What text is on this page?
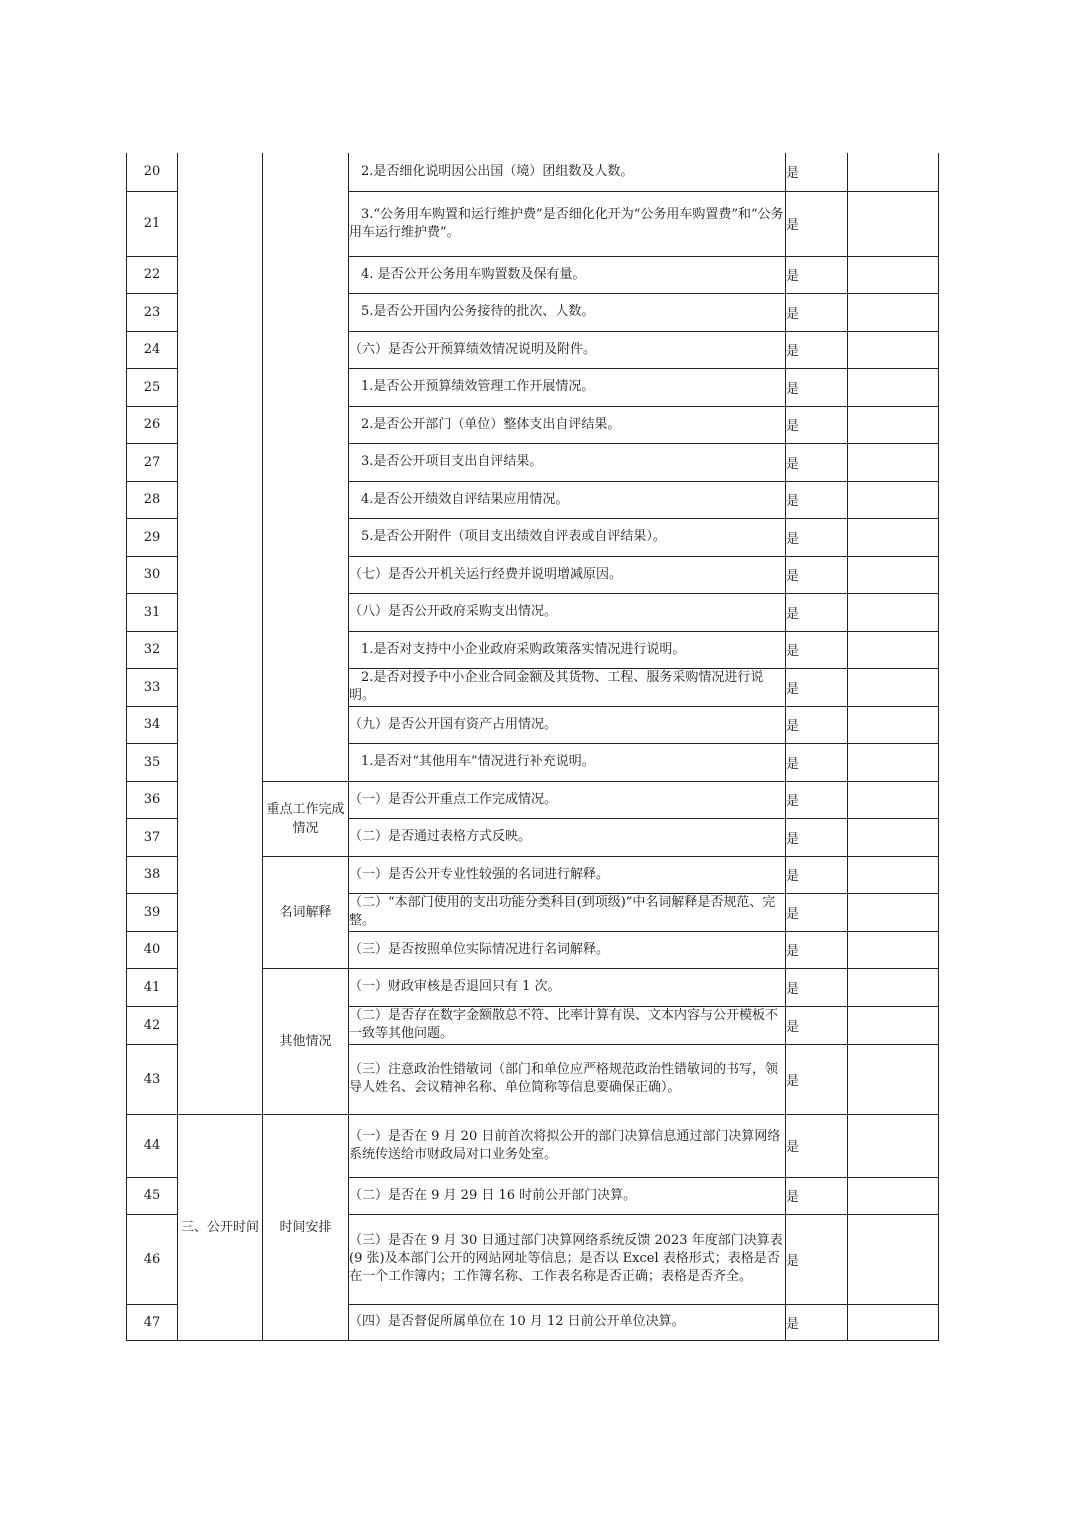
20			2.是否细化说明因公出国（境）团组数及人数。	是	
21			3.“公务用车购置和运行维护费”是否细化化开为“公务用车购置费”和“公务用车运行维护费”。	是	
22			4. 是否公开公务用车购置数及保有量。	是	
23			5.是否公开国内公务接待的批次、人数。	是	
24			（六）是否公开预算绩效情况说明及附件。	是	
25			1.是否公开预算绩效管理工作开展情况。	是	
26			2.是否公开部门（单位）整体支出自评结果。	是	
27			3.是否公开项目支出自评结果。	是	
28			4.是否公开绩效自评结果应用情况。	是	
29			5.是否公开附件（项目支出绩效自评表或自评结果）。	是	
30			（七）是否公开机关运行经费并说明增减原因。	是	
31			（八）是否公开政府采购支出情况。	是	
32			1.是否对支持中小企业政府采购政策落实情况进行说明。	是	
33			2.是否对授予中小企业合同金额及其货物、工程、服务采购情况进行说明。	是	
34			（九）是否公开国有资产占用情况。	是	
35			1.是否对“其他用车”情况进行补充说明。	是	
36		重点工作完成情况	（一）是否公开重点工作完成情况。	是	
37			（二）是否通过表格方式反映。	是	
38		名词解释	（一）是否公开专业性较强的名词进行解释。	是	
39			（二）“本部门使用的支出功能分类科目(到项级)”中名词解释是否规范、完整。	是	
40			（三）是否按照单位实际情况进行名词解释。	是	
41		其他情况	（一）财政审核是否退回只有 1 次。	是	
42			（二）是否存在数字金额散总不符、比率计算有误、文本内容与公开模板不一致等其他问题。	是	
43			（三）注意政治性错敏词（部门和单位应严格规范政治性错敏词的书写，领导人姓名、会议精神名称、单位简称等信息要确保正确）。	是	
44	三、公开时间	时间安排	（一）是否在 9 月 20 日前首次将拟公开的部门决算信息通过部门决算网络系统传送给市财政局对口业务处室。	是	
45			（二）是否在 9 月 29 日 16 时前公开部门决算。	是	
46			（三）是否在 9 月 30 日通过部门决算网络系统反馈 2023 年度部门决算表(9 张)及本部门公开的网站网址等信息；是否以 Excel 表格形式；表格是否在一个工作簿内；工作簿名称、工作表名称是否正确；表格是否齐全。	是	
47			（四）是否督促所属单位在 10 月 12 日前公开单位决算。	是	
